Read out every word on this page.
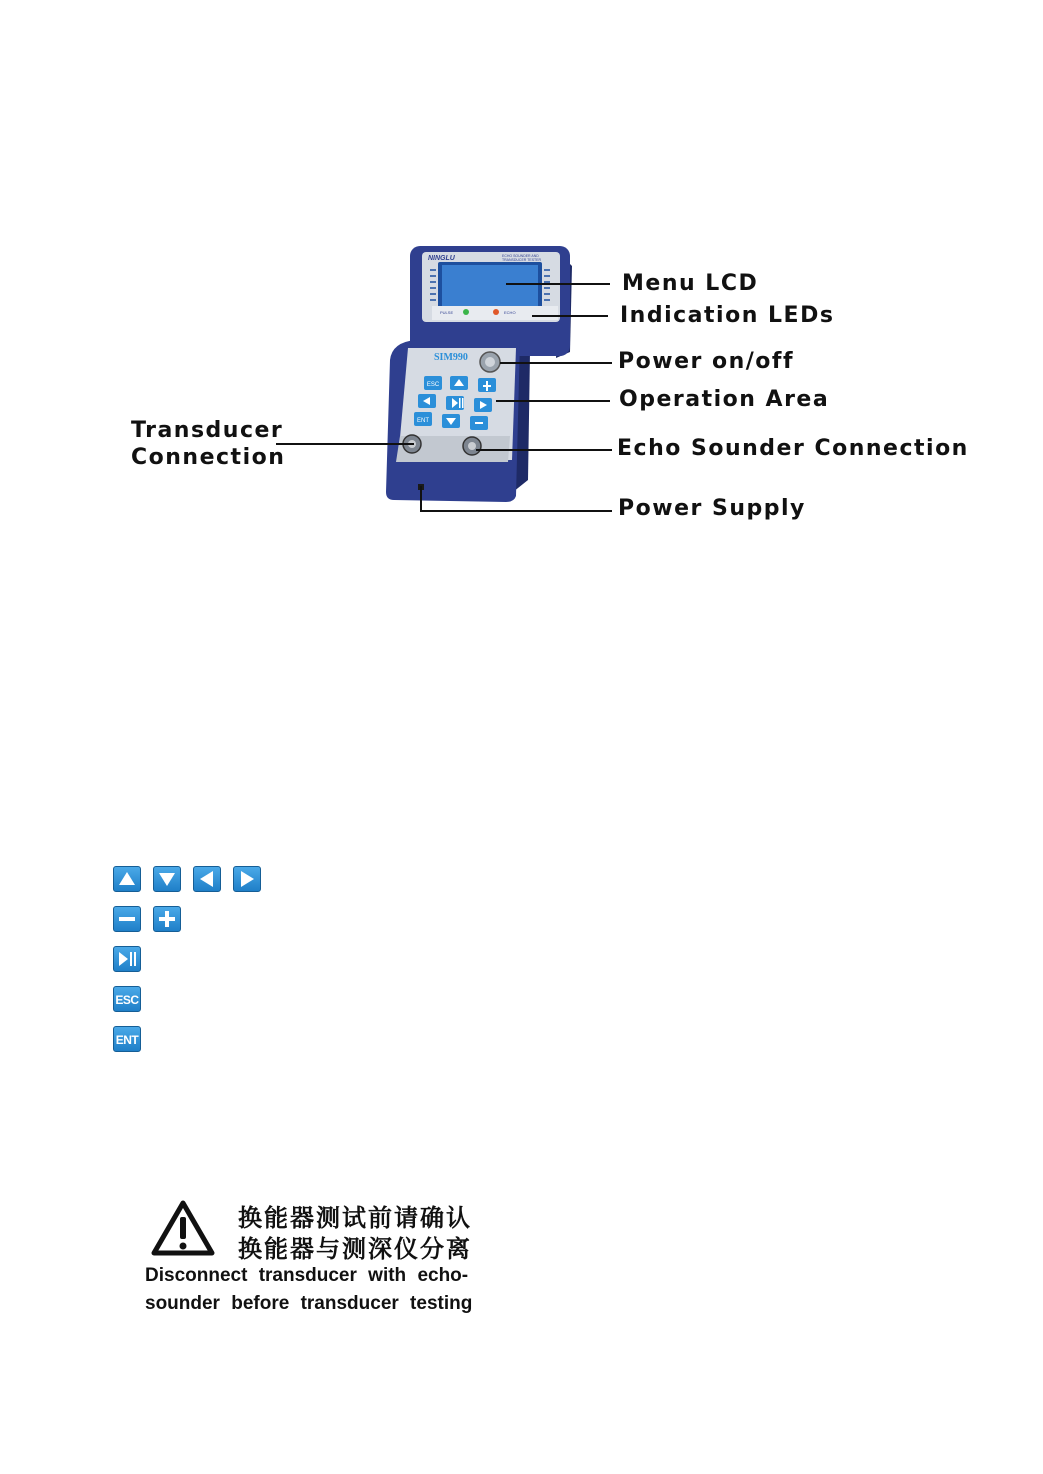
ESC
ENT
NINGLU	ECHO SOUNDER AND
TRANSDUCER TESTER
PULSE	ECHO
SIM990
Menu LCD
Indication LEDs
Power on/off
Operation Area
Echo Sounder Connection
Power Supply
Transducer
Connection
ESC
ENT
换能器测试前请确认
换能器与测深仪分离
Disconnect transducer with echo-
sounder before transducer testing
